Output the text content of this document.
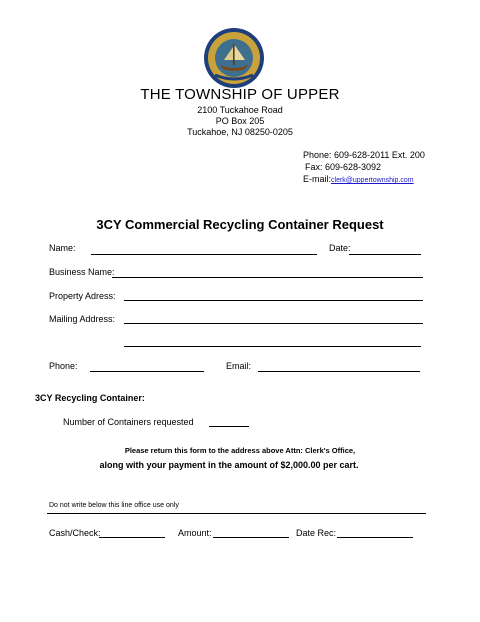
THE TOWNSHIP OF UPPER
2100 Tuckahoe Road
PO Box 205
Tuckahoe, NJ 08250-0205
Phone: 609-628-2011 Ext. 200
Fax: 609-628-3092
E-mail:clerk@uppertownship.com
3CY Commercial Recycling Container Request
Name:	Date:
Business Name:
Property Adress:
Mailing Address:
Phone:	Email:
3CY Recycling Container:
Number of Containers requested
Please return this form to the address above Attn: Clerk's Office,
along with your payment in the amount of $2,000.00 per cart.
Do not write below this line office use only
Cash/Check:	Amount:	Date Rec:
